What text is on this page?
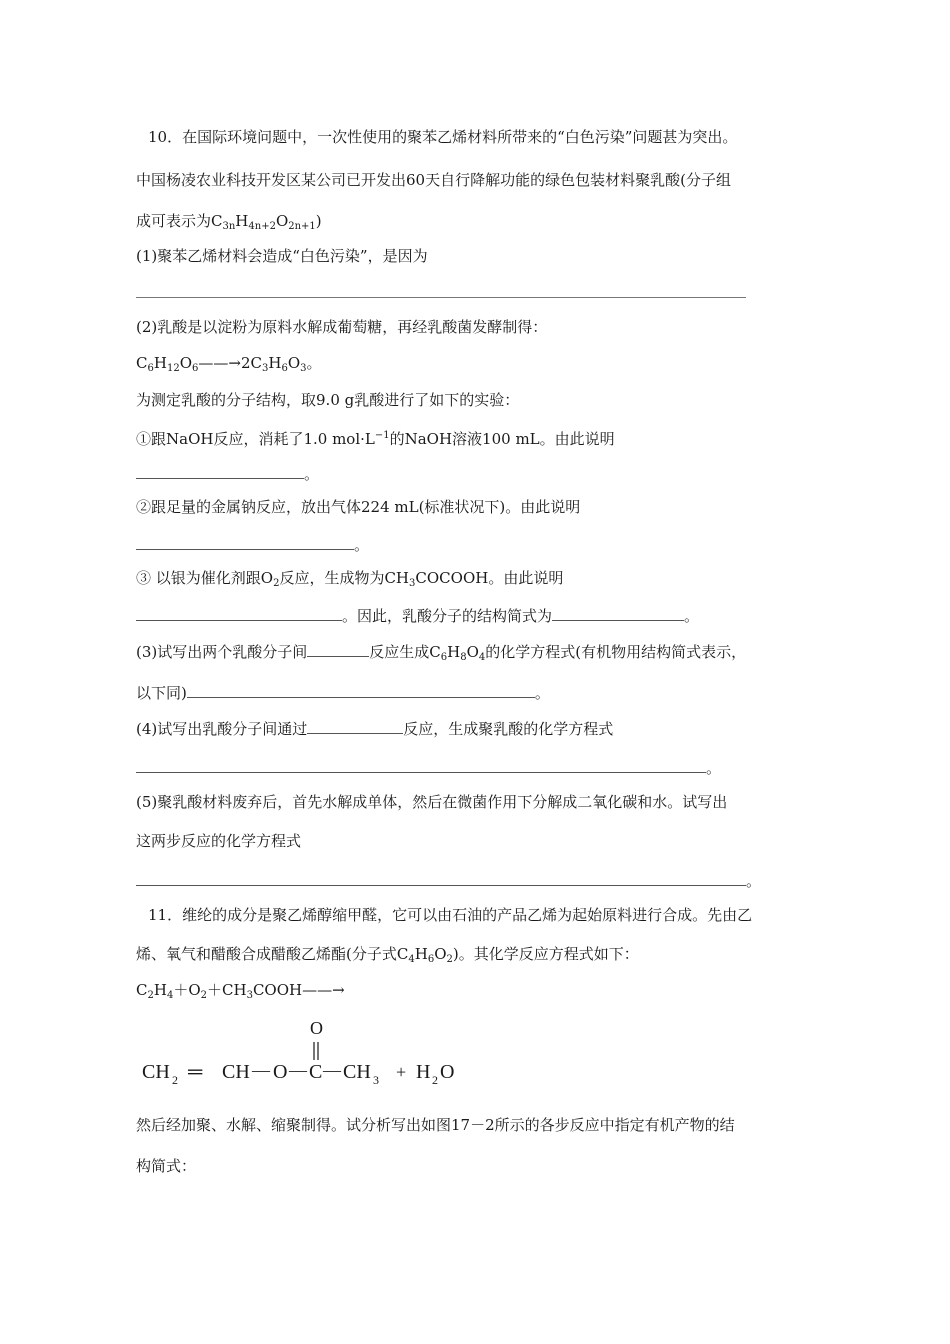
10．在国际环境问题中，一次性使用的聚苯乙烯材料所带来的“白色污染”问题甚为突出。
中国杨凌农业科技开发区某公司已开发出60天自行降解功能的绿色包装材料聚乳酸(分子组
成可表示为$C_{3n}H_{4n+2}O_{2n+1}$)
(1)聚苯乙烯材料会造成“白色污染”，是因为
(2)乳酸是以淀粉为原料水解成葡萄糖，再经乳酸菌发酵制得：
$C_6H_{12}O_6——\to 2C_3H_6O_3$。
为测定乳酸的分子结构，取9.0 g乳酸进行了如下的实验：
①跟NaOH反应，消耗了1.0 $mol\cdot L^{-1}$的NaOH溶液100 mL。由此说明
。
②跟足量的金属钠反应，放出气体224 mL(标准状况下)。由此说明
。
③ 以银为催化剂跟$O_2$反应，生成物为$CH_3COCOOH$。由此说明
。因此，乳酸分子的结构简式为	。
(3)试写出两个乳酸分子间	反应生成$C_6H_8O_4$的化学方程式(有机物用结构简式表示，
以下同)	。
(4)试写出乳酸分子间通过	反应，生成聚乳酸的化学方程式
。
(5)聚乳酸材料废弃后，首先水解成单体，然后在微菌作用下分解成二氧化碳和水。试写出
这两步反应的化学方程式
。
11．维纶的成分是聚乙烯醇缩甲醛，它可以由石油的产品乙烯为起始原料进行合成。先由乙
烯、氧气和醋酸合成醋酸乙烯酯(分子式$C_4H_6O_2$)。其化学反应方程式如下：
$C_2H_4+O_2+CH_3COOH——\to$
O
CH 2 ═ CH — O — C — CH 3 + H 2 O
然后经加聚、水解、缩聚制得。试分析写出如图17－2所示的各步反应中指定有机产物的结
构简式：
